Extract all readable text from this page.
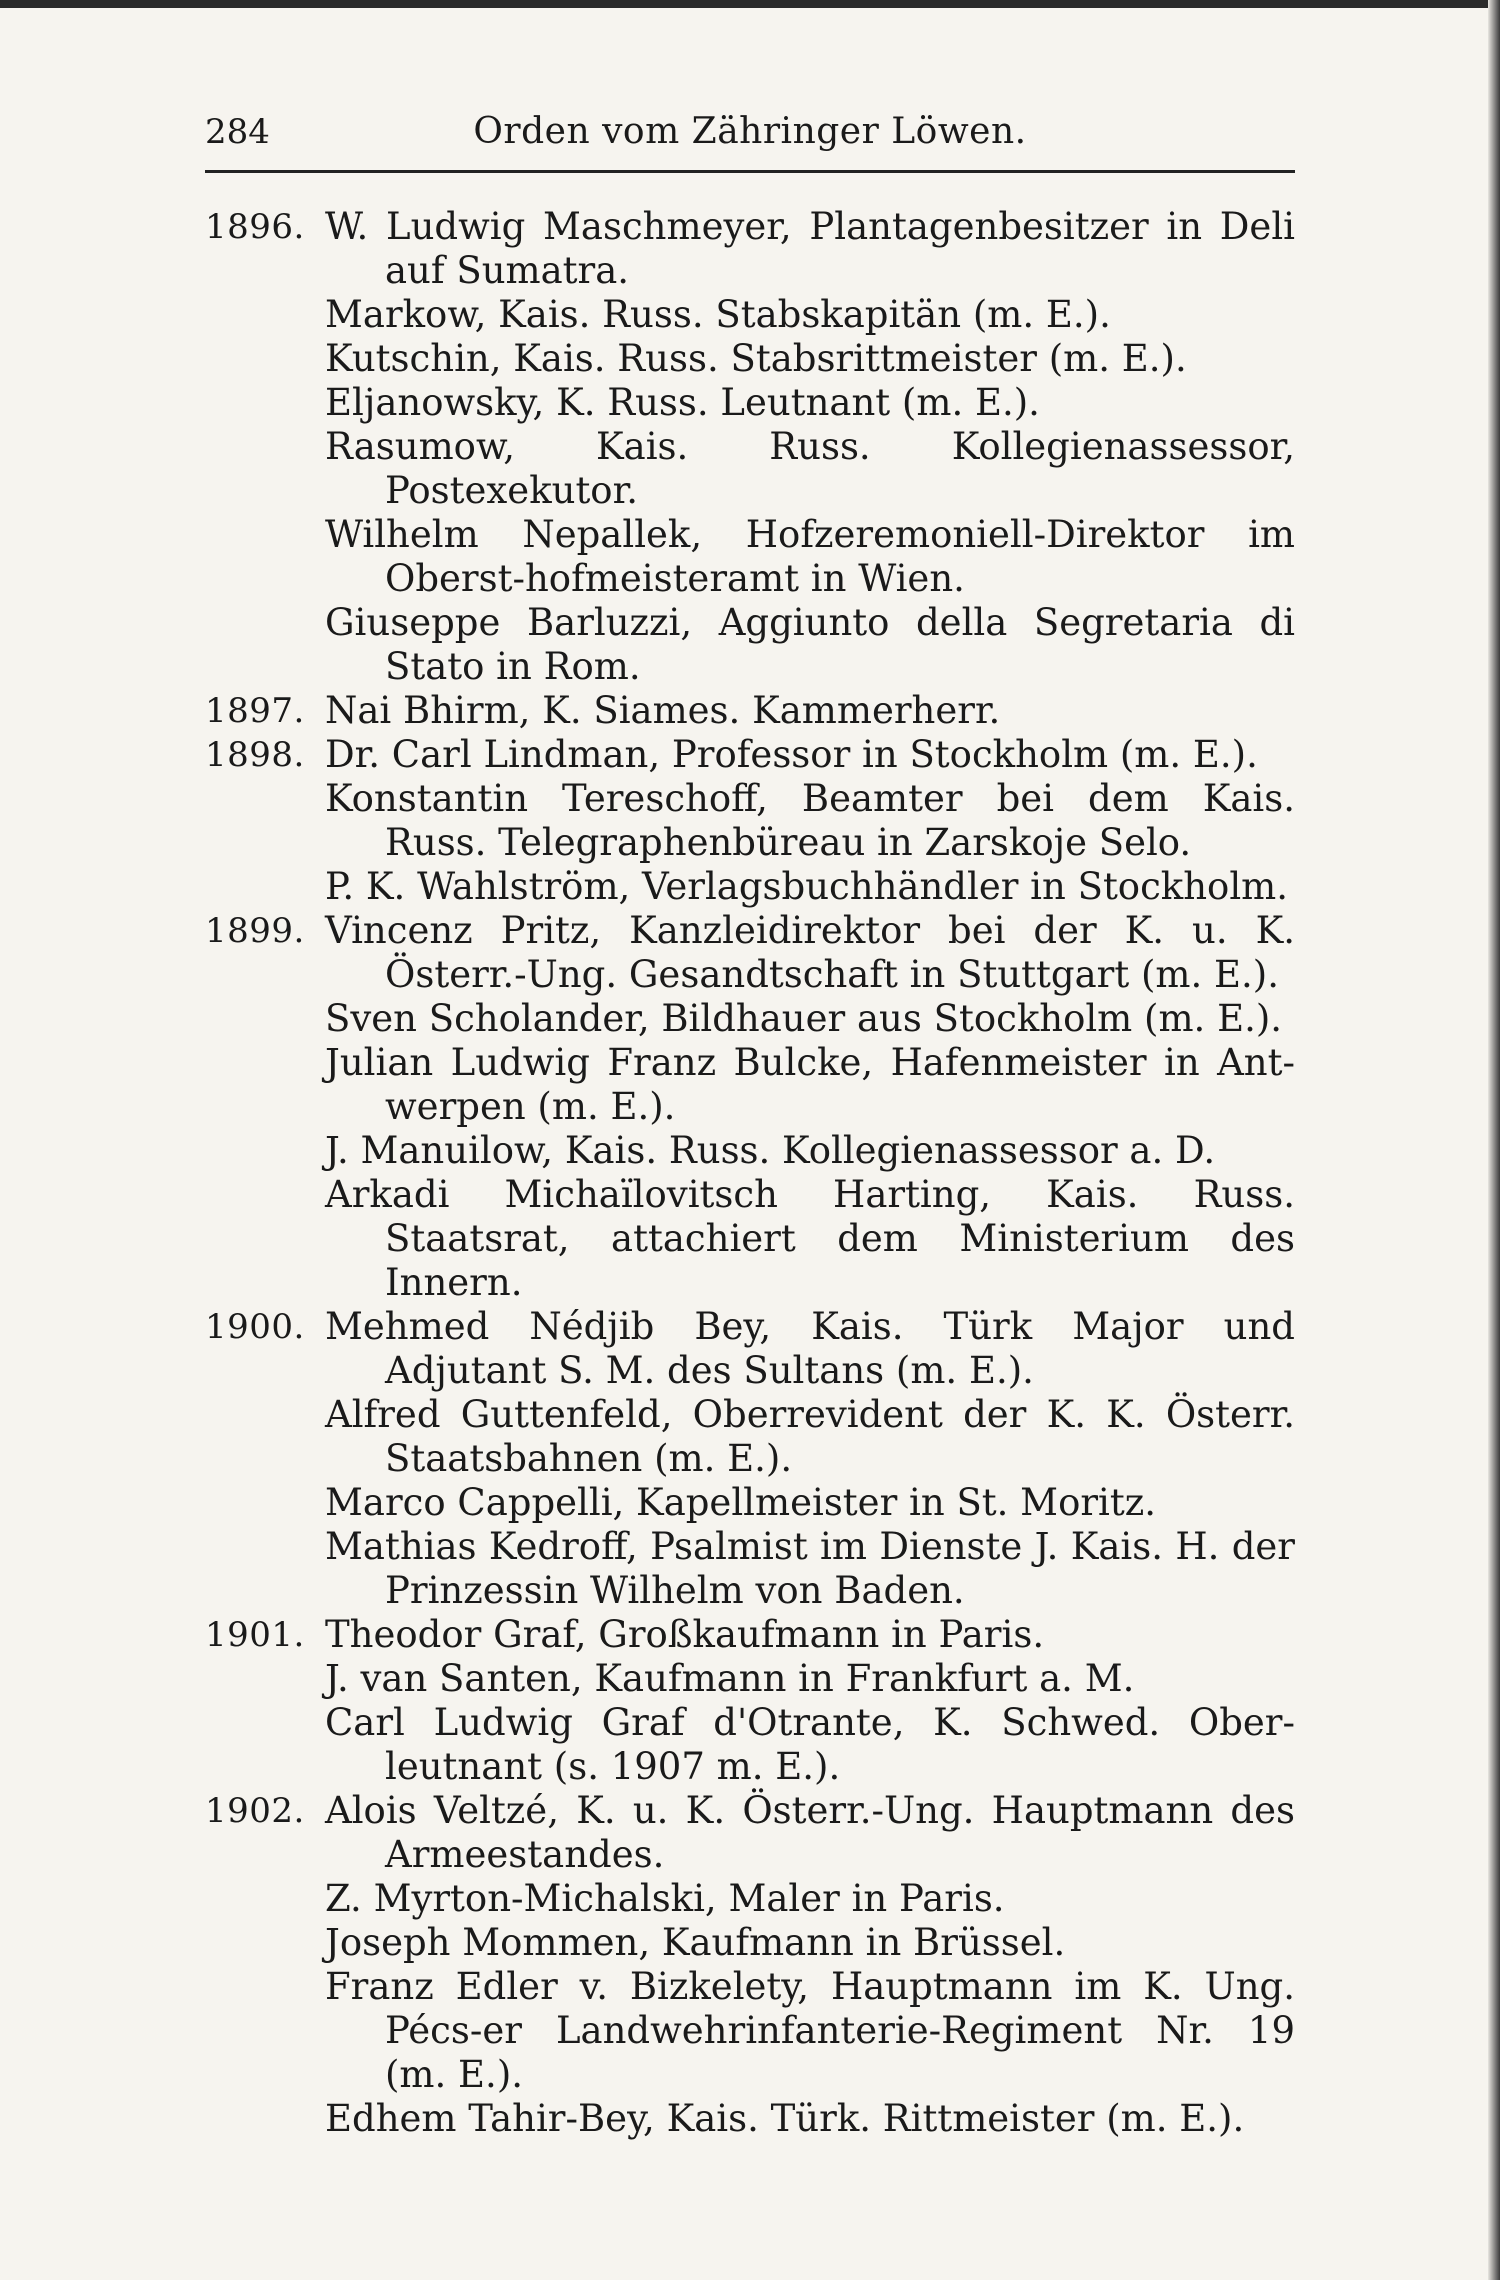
284	Orden vom Zähringer Löwen.
1896. W. Ludwig Maschmeyer, Plantagenbesitzer in Deli auf Sumatra.
Markow, Kais. Russ. Stabskapitän (m. E.).
Kutschin, Kais. Russ. Stabsrittmeister (m. E.).
Eljanowsky, K. Russ. Leutnant (m. E.).
Rasumow, Kais. Russ. Kollegienassessor, Postexekutor.
Wilhelm Nepallek, Hofzeremoniell-Direktor im Oberst-hofmeisteramt in Wien.
Giuseppe Barluzzi, Aggiunto della Segretaria di Stato in Rom.
1897. Nai Bhirm, K. Siames. Kammerherr.
1898. Dr. Carl Lindman, Professor in Stockholm (m. E.).
Konstantin Tereschoff, Beamter bei dem Kais. Russ. Telegraphenbüreau in Zarskoje Selo.
P. K. Wahlström, Verlagsbuchhändler in Stockholm.
1899. Vincenz Pritz, Kanzleidirektor bei der K. u. K. Österr.-Ung. Gesandtschaft in Stuttgart (m. E.).
Sven Scholander, Bildhauer aus Stockholm (m. E.).
Julian Ludwig Franz Bulcke, Hafenmeister in Ant-werpen (m. E.).
J. Manuilow, Kais. Russ. Kollegienassessor a. D.
Arkadi Michaïlovitsch Harting, Kais. Russ. Staatsrat, attachiert dem Ministerium des Innern.
1900. Mehmed Nédjib Bey, Kais. Türk Major und Adjutant S. M. des Sultans (m. E.).
Alfred Guttenfeld, Oberrevident der K. K. Österr. Staatsbahnen (m. E.).
Marco Cappelli, Kapellmeister in St. Moritz.
Mathias Kedroff, Psalmist im Dienste J. Kais. H. der Prinzessin Wilhelm von Baden.
1901. Theodor Graf, Großkaufmann in Paris.
J. van Santen, Kaufmann in Frankfurt a. M.
Carl Ludwig Graf d'Otrante, K. Schwed. Ober-leutnant (s. 1907 m. E.).
1902. Alois Veltzé, K. u. K. Österr.-Ung. Hauptmann des Armeestandes.
Z. Myrton-Michalski, Maler in Paris.
Joseph Mommen, Kaufmann in Brüssel.
Franz Edler v. Bizkelety, Hauptmann im K. Ung. Pécs-er Landwehrinfanterie-Regiment Nr. 19 (m. E.).
Edhem Tahir-Bey, Kais. Türk. Rittmeister (m. E.).
